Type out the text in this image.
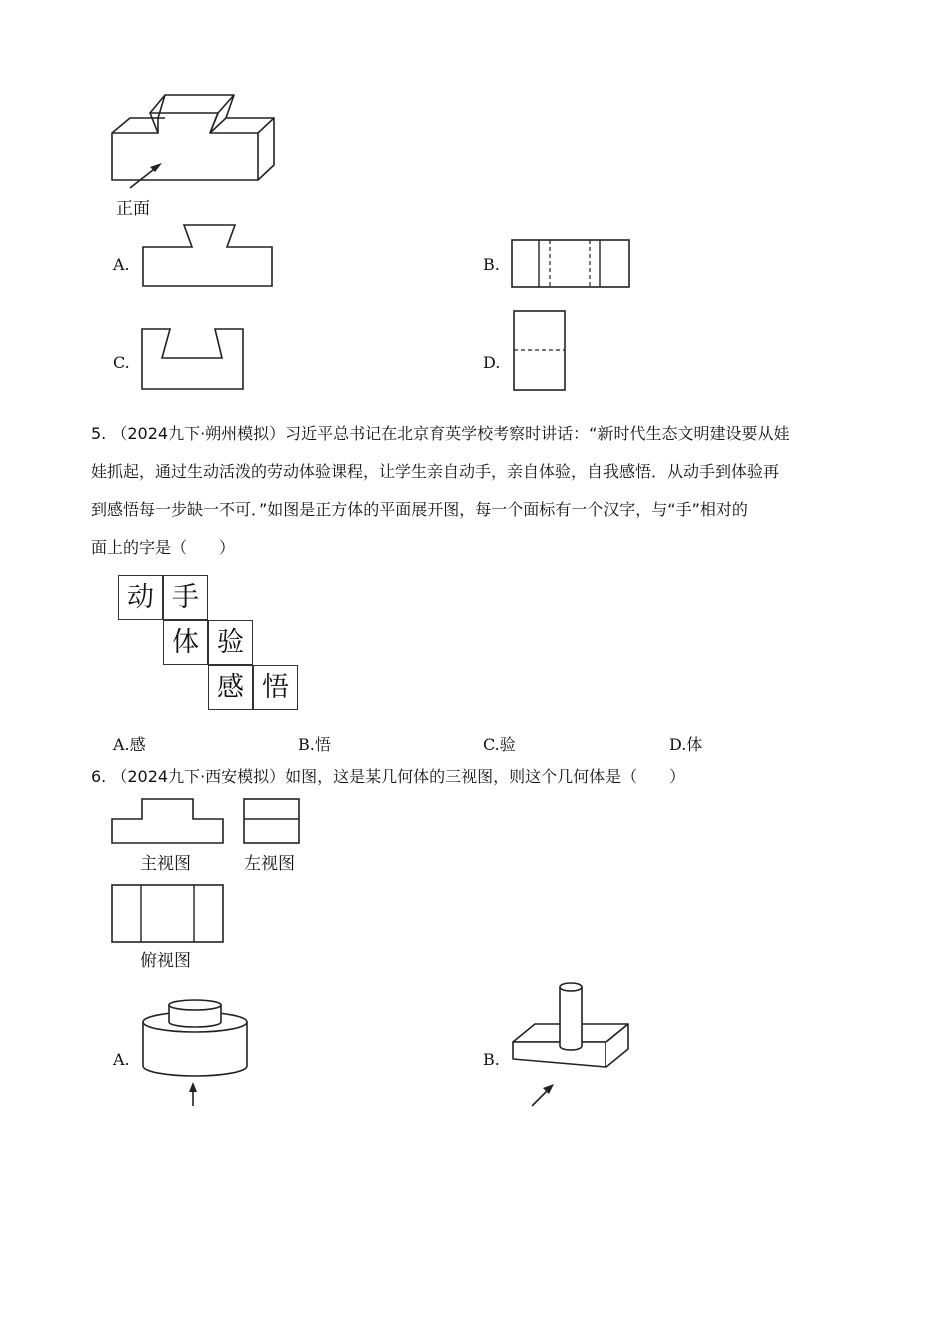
正面
A.	B.
C.	D.
5. （2024九下·朔州模拟）习近平总书记在北京育英学校考察时讲话：“新时代生态文明建设要从娃
娃抓起，通过生动活泼的劳动体验课程，让学生亲自动手，亲自体验，自我感悟．从动手到体验再
到感悟每一步缺一不可．”如图是正方体的平面展开图，每一个面标有一个汉字，与“手”相对的
面上的字是（　　）
动 手
体 验
感 悟
A.感	B.悟	C.验	D.体
6. （2024九下·西安模拟）如图，这是某几何体的三视图，则这个几何体是（　　）
主视图	左视图
俯视图
A.	B.
